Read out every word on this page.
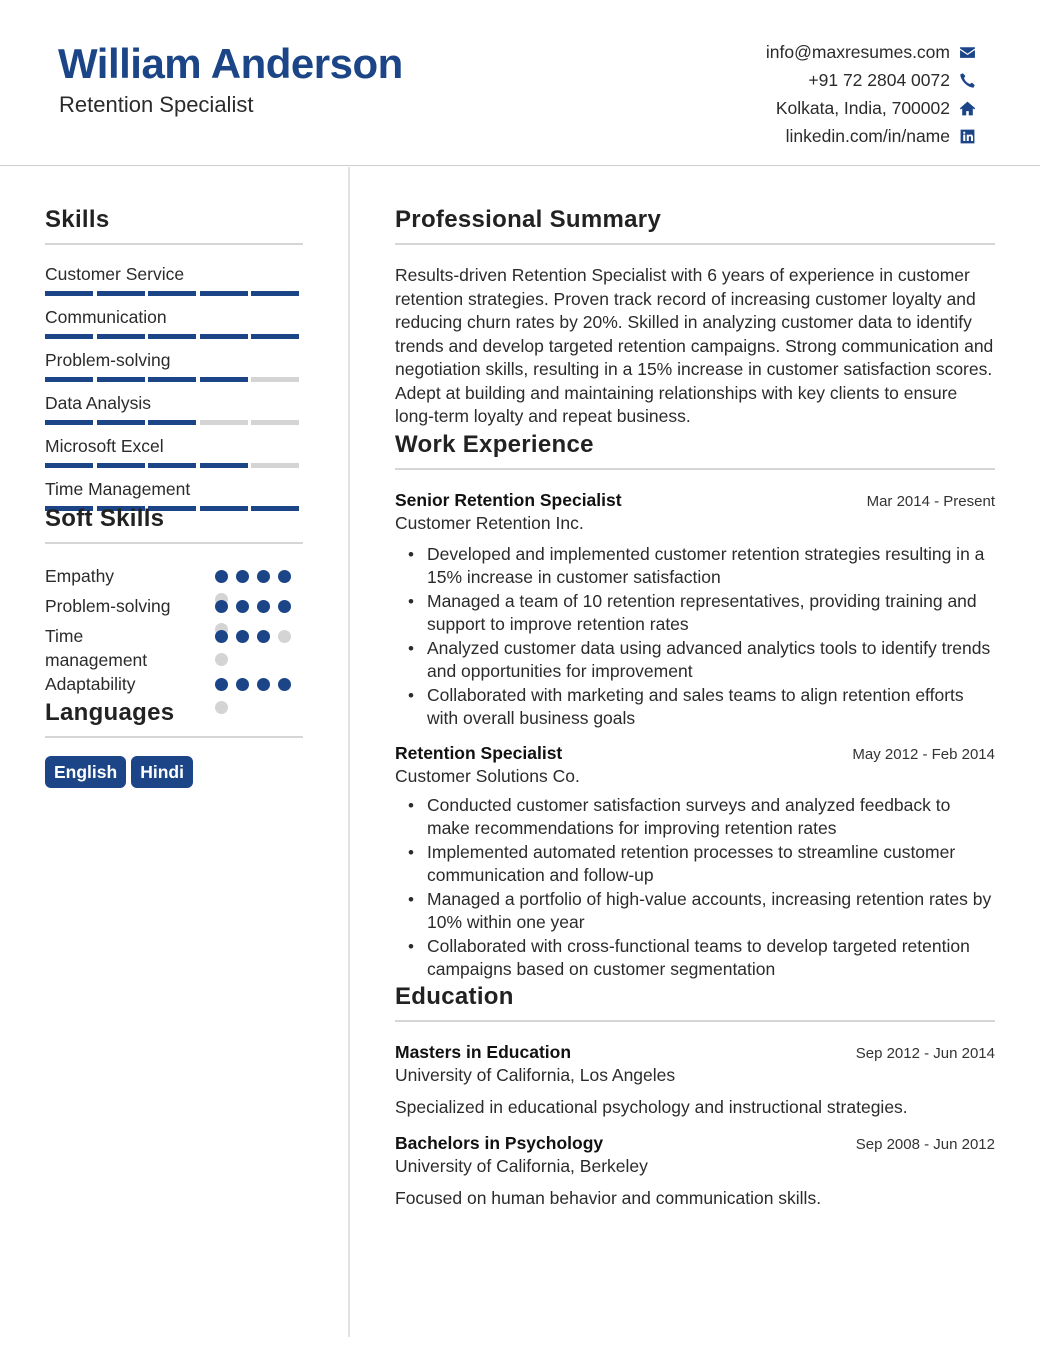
William Anderson
Retention Specialist
info@maxresumes.com
+91 72 2804 0072
Kolkata, India, 700002
linkedin.com/in/name
Skills
Customer Service
Communication
Problem-solving
Data Analysis
Microsoft Excel
Time Management
Soft Skills
Empathy
Problem-solving
Time management
Adaptability
Languages
English	Hindi
Professional Summary
Results-driven Retention Specialist with 6 years of experience in customer retention strategies. Proven track record of increasing customer loyalty and reducing churn rates by 20%. Skilled in analyzing customer data to identify trends and develop targeted retention campaigns. Strong communication and negotiation skills, resulting in a 15% increase in customer satisfaction scores. Adept at building and maintaining relationships with key clients to ensure long-term loyalty and repeat business.
Work Experience
Senior Retention Specialist	Mar 2014 - Present
Customer Retention Inc.
• Developed and implemented customer retention strategies resulting in a 15% increase in customer satisfaction
• Managed a team of 10 retention representatives, providing training and support to improve retention rates
• Analyzed customer data using advanced analytics tools to identify trends and opportunities for improvement
• Collaborated with marketing and sales teams to align retention efforts with overall business goals
Retention Specialist	May 2012 - Feb 2014
Customer Solutions Co.
• Conducted customer satisfaction surveys and analyzed feedback to make recommendations for improving retention rates
• Implemented automated retention processes to streamline customer communication and follow-up
• Managed a portfolio of high-value accounts, increasing retention rates by 10% within one year
• Collaborated with cross-functional teams to develop targeted retention campaigns based on customer segmentation
Education
Masters in Education	Sep 2012 - Jun 2014
University of California, Los Angeles
Specialized in educational psychology and instructional strategies.
Bachelors in Psychology	Sep 2008 - Jun 2012
University of California, Berkeley
Focused on human behavior and communication skills.
